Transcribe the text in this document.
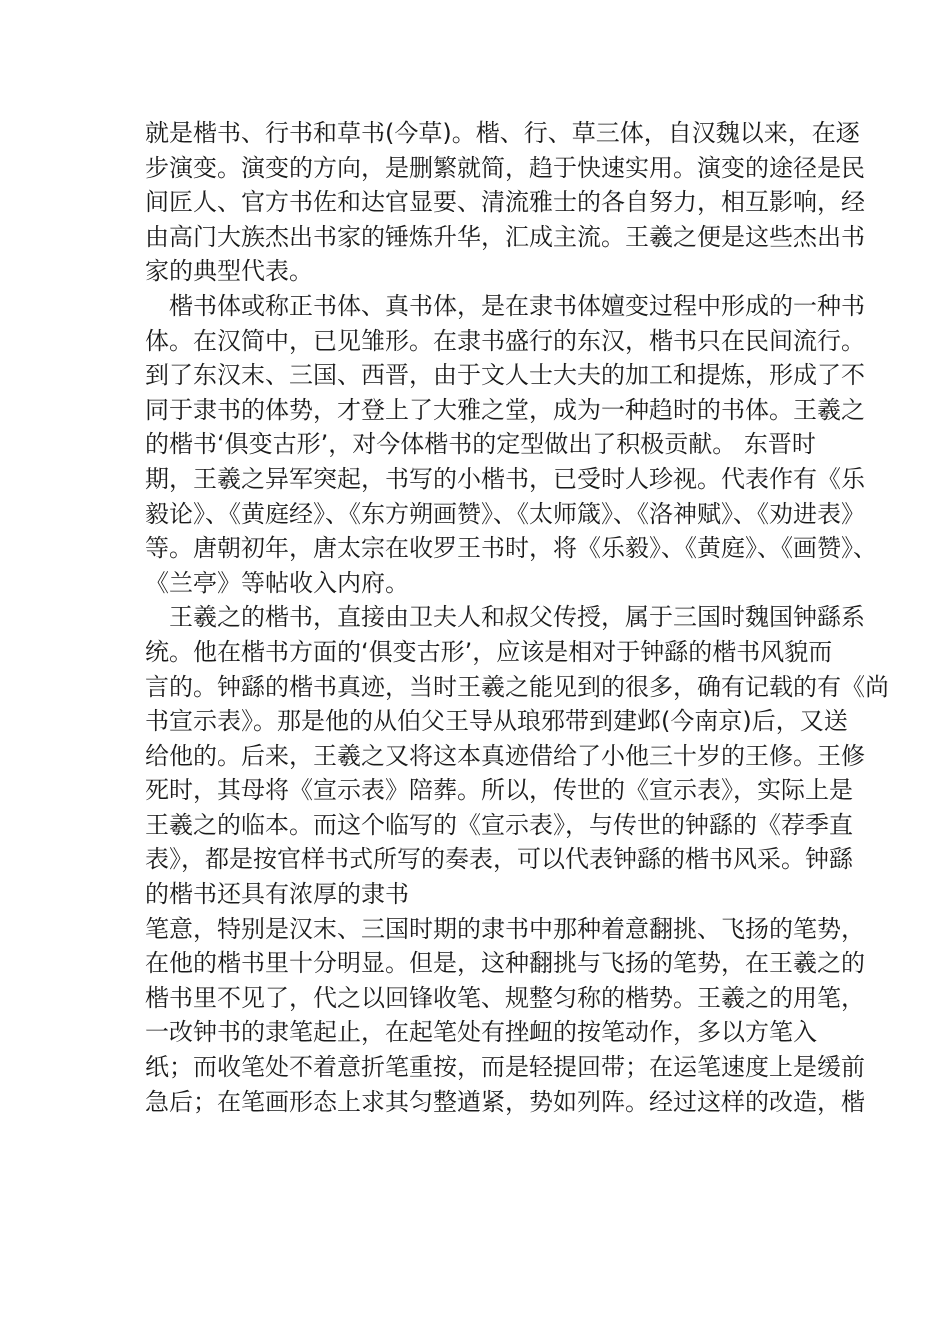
就是楷书、行书和草书(今草)。楷、行、草三体，自汉魏以来，在逐
步演变。演变的方向，是删繁就简，趋于快速实用。演变的途径是民
间匠人、官方书佐和达官显要、清流雅士的各自努力，相互影响，经
由高门大族杰出书家的锤炼升华，汇成主流。王羲之便是这些杰出书
家的典型代表。
楷书体或称正书体、真书体，是在隶书体嬗变过程中形成的一种书
体。在汉简中，已见雏形。在隶书盛行的东汉，楷书只在民间流行。
到了东汉末、三国、西晋，由于文人士大夫的加工和提炼，形成了不
同于隶书的体势，才登上了大雅之堂，成为一种趋时的书体。王羲之
的楷书‘俱变古形’，对今体楷书的定型做出了积极贡献。 东晋时
期，王羲之异军突起，书写的小楷书，已受时人珍视。代表作有《乐
毅论》、《黄庭经》、《东方朔画赞》、《太师箴》、《洛神赋》、《劝进表》
等。唐朝初年，唐太宗在收罗王书时，将《乐毅》、《黄庭》、《画赞》、
《兰亭》等帖收入内府。
王羲之的楷书，直接由卫夫人和叔父传授，属于三国时魏国钟繇系
统。他在楷书方面的‘俱变古形’，应该是相对于钟繇的楷书风貌而
言的。钟繇的楷书真迹，当时王羲之能见到的很多，确有记载的有《尚
书宣示表》。那是他的从伯父王导从琅邪带到建邺(今南京)后，又送
给他的。后来，王羲之又将这本真迹借给了小他三十岁的王修。王修
死时，其母将《宣示表》陪葬。所以，传世的《宣示表》，实际上是
王羲之的临本。而这个临写的《宣示表》，与传世的钟繇的《荐季直
表》，都是按官样书式所写的奏表，可以代表钟繇的楷书风采。钟繇
的楷书还具有浓厚的隶书
笔意，特别是汉末、三国时期的隶书中那种着意翻挑、飞扬的笔势，
在他的楷书里十分明显。但是，这种翻挑与飞扬的笔势，在王羲之的
楷书里不见了，代之以回锋收笔、规整匀称的楷势。王羲之的用笔，
一改钟书的隶笔起止，在起笔处有挫衄的按笔动作，多以方笔入
纸；而收笔处不着意折笔重按，而是轻提回带；在运笔速度上是缓前
急后；在笔画形态上求其匀整遒紧，势如列阵。经过这样的改造，楷
